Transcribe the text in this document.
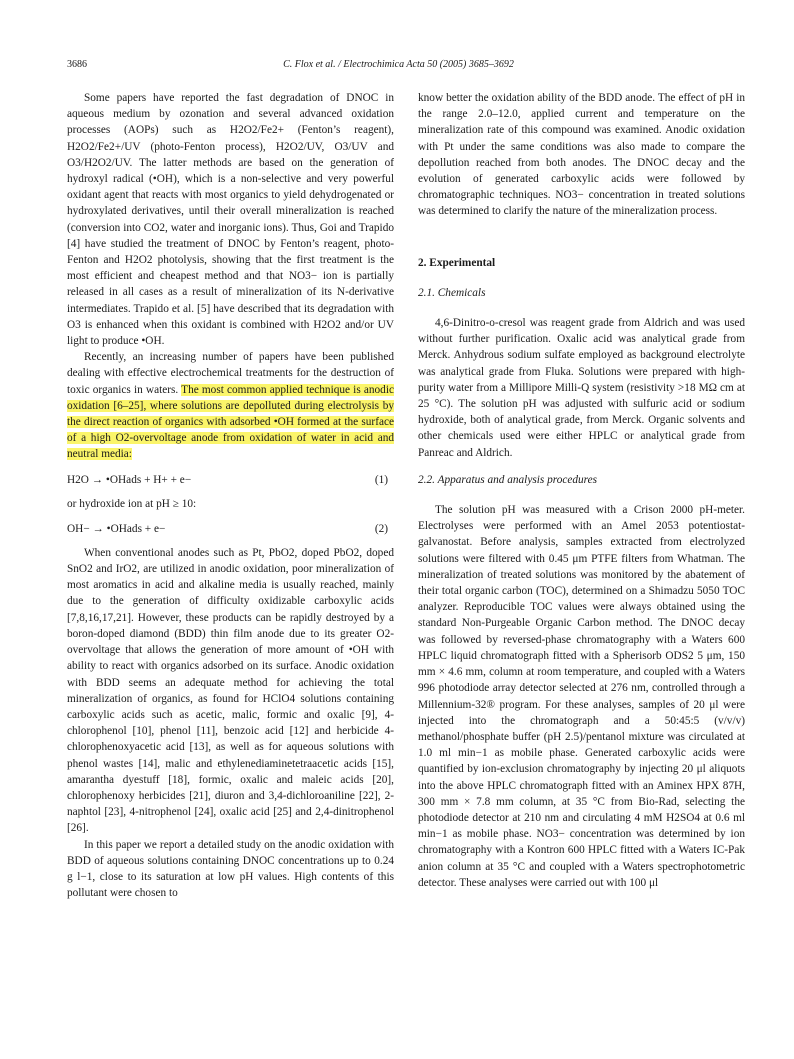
3686	C. Flox et al. / Electrochimica Acta 50 (2005) 3685–3692

Some papers have reported the fast degradation of DNOC in aqueous medium by ozonation and several advanced oxidation processes (AOPs) such as H2O2/Fe2+ (Fenton’s reagent), H2O2/Fe2+/UV (photo-Fenton process), H2O2/UV, O3/UV and O3/H2O2/UV. The latter methods are based on the generation of hydroxyl radical (•OH), which is a non-selective and very powerful oxidant agent that reacts with most organics to yield dehydrogenated or hydroxylated derivatives, until their overall mineralization is reached (conversion into CO2, water and inorganic ions). Thus, Goi and Trapido [4] have studied the treatment of DNOC by Fenton’s reagent, photo-Fenton and H2O2 photolysis, showing that the first treatment is the most efficient and cheapest method and that NO3− ion is partially released in all cases as a result of mineralization of its N-derivative intermediates. Trapido et al. [5] have described that its degradation with O3 is enhanced when this oxidant is combined with H2O2 and/or UV light to produce •OH.

Recently, an increasing number of papers have been published dealing with effective electrochemical treatments for the destruction of toxic organics in waters. The most common applied technique is anodic oxidation [6–25], where solutions are depolluted during electrolysis by the direct reaction of organics with adsorbed •OH formed at the surface of a high O2-overvoltage anode from oxidation of water in acid and neutral media:

H2O → •OHads + H+ + e−	(1)

or hydroxide ion at pH ≥ 10:

OH− → •OHads + e−	(2)

When conventional anodes such as Pt, PbO2, doped PbO2, doped SnO2 and IrO2, are utilized in anodic oxidation, poor mineralization of most aromatics in acid and alkaline media is usually reached, mainly due to the generation of difficulty oxidizable carboxylic acids [7,8,16,17,21]. However, these products can be rapidly destroyed by a boron-doped diamond (BDD) thin film anode due to its greater O2-overvoltage that allows the generation of more amount of •OH with ability to react with organics adsorbed on its surface. Anodic oxidation with BDD seems an adequate method for achieving the total mineralization of organics, as found for HClO4 solutions containing carboxylic acids such as acetic, malic, formic and oxalic [9], 4-chlorophenol [10], phenol [11], benzoic acid [12] and herbicide 4-chlorophenoxyacetic acid [13], as well as for aqueous solutions with phenol wastes [14], malic and ethylenediaminetetraacetic acids [15], amarantha dyestuff [18], formic, oxalic and maleic acids [20], chlorophenoxy herbicides [21], diuron and 3,4-dichloroaniline [22], 2-naphtol [23], 4-nitrophenol [24], oxalic acid [25] and 2,4-dinitrophenol [26].

In this paper we report a detailed study on the anodic oxidation with BDD of aqueous solutions containing DNOC concentrations up to 0.24 g l−1, close to its saturation at low pH values. High contents of this pollutant were chosen to

know better the oxidation ability of the BDD anode. The effect of pH in the range 2.0–12.0, applied current and temperature on the mineralization rate of this compound was examined. Anodic oxidation with Pt under the same conditions was also made to compare the depollution reached from both anodes. The DNOC decay and the evolution of generated carboxylic acids were followed by chromatographic techniques. NO3− concentration in treated solutions was determined to clarify the nature of the mineralization process.

2. Experimental

2.1. Chemicals

4,6-Dinitro-o-cresol was reagent grade from Aldrich and was used without further purification. Oxalic acid was analytical grade from Merck. Anhydrous sodium sulfate employed as background electrolyte was analytical grade from Fluka. Solutions were prepared with high-purity water from a Millipore Milli-Q system (resistivity >18 MΩ cm at 25 °C). The solution pH was adjusted with sulfuric acid or sodium hydroxide, both of analytical grade, from Merck. Organic solvents and other chemicals used were either HPLC or analytical grade from Panreac and Aldrich.

2.2. Apparatus and analysis procedures

The solution pH was measured with a Crison 2000 pH-meter. Electrolyses were performed with an Amel 2053 potentiostat-galvanostat. Before analysis, samples extracted from electrolyzed solutions were filtered with 0.45 μm PTFE filters from Whatman. The mineralization of treated solutions was monitored by the abatement of their total organic carbon (TOC), determined on a Shimadzu 5050 TOC analyzer. Reproducible TOC values were always obtained using the standard Non-Purgeable Organic Carbon method. The DNOC decay was followed by reversed-phase chromatography with a Waters 600 HPLC liquid chromatograph fitted with a Spherisorb ODS2 5 μm, 150 mm × 4.6 mm, column at room temperature, and coupled with a Waters 996 photodiode array detector selected at 276 nm, controlled through a Millennium-32® program. For these analyses, samples of 20 μl were injected into the chromatograph and a 50:45:5 (v/v/v) methanol/phosphate buffer (pH 2.5)/pentanol mixture was circulated at 1.0 ml min−1 as mobile phase. Generated carboxylic acids were quantified by ion-exclusion chromatography by injecting 20 μl aliquots into the above HPLC chromatograph fitted with an Aminex HPX 87H, 300 mm × 7.8 mm column, at 35 °C from Bio-Rad, selecting the photodiode detector at 210 nm and circulating 4 mM H2SO4 at 0.6 ml min−1 as mobile phase. NO3− concentration was determined by ion chromatography with a Kontron 600 HPLC fitted with a Waters IC-Pak anion column at 35 °C and coupled with a Waters spectrophotometric detector. These analyses were carried out with 100 μl
